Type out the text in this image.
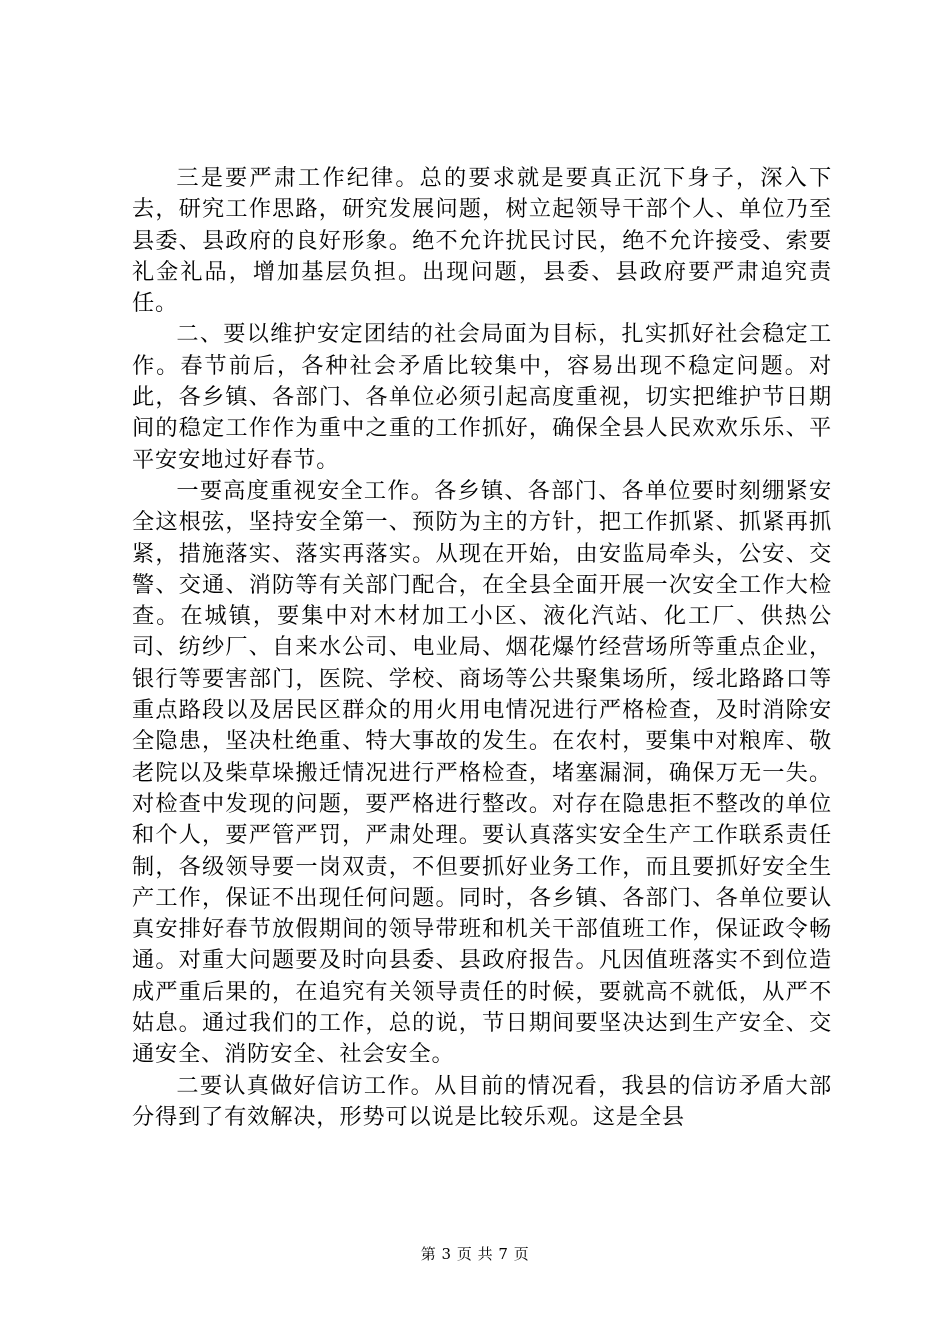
三是要严肃工作纪律。总的要求就是要真正沉下身子，深入下去，研究工作思路，研究发展问题，树立起领导干部个人、单位乃至县委、县政府的良好形象。绝不允许扰民讨民，绝不允许接受、索要礼金礼品，增加基层负担。出现问题，县委、县政府要严肃追究责任。

二、要以维护安定团结的社会局面为目标，扎实抓好社会稳定工作。春节前后，各种社会矛盾比较集中，容易出现不稳定问题。对此，各乡镇、各部门、各单位必须引起高度重视，切实把维护节日期间的稳定工作作为重中之重的工作抓好，确保全县人民欢欢乐乐、平平安安地过好春节。

一要高度重视安全工作。各乡镇、各部门、各单位要时刻绷紧安全这根弦，坚持安全第一、预防为主的方针，把工作抓紧、抓紧再抓紧，措施落实、落实再落实。从现在开始，由安监局牵头，公安、交警、交通、消防等有关部门配合，在全县全面开展一次安全工作大检查。在城镇，要集中对木材加工小区、液化汽站、化工厂、供热公司、纺纱厂、自来水公司、电业局、烟花爆竹经营场所等重点企业，银行等要害部门，医院、学校、商场等公共聚集场所，绥北路路口等重点路段以及居民区群众的用火用电情况进行严格检查，及时消除安全隐患，坚决杜绝重、特大事故的发生。在农村，要集中对粮库、敬老院以及柴草垛搬迁情况进行严格检查，堵塞漏洞，确保万无一失。对检查中发现的问题，要严格进行整改。对存在隐患拒不整改的单位和个人，要严管严罚，严肃处理。要认真落实安全生产工作联系责任制，各级领导要一岗双责，不但要抓好业务工作，而且要抓好安全生产工作，保证不出现任何问题。同时，各乡镇、各部门、各单位要认真安排好春节放假期间的领导带班和机关干部值班工作，保证政令畅通。对重大问题要及时向县委、县政府报告。凡因值班落实不到位造成严重后果的，在追究有关领导责任的时候，要就高不就低，从严不姑息。通过我们的工作，总的说，节日期间要坚决达到生产安全、交通安全、消防安全、社会安全。

二要认真做好信访工作。从目前的情况看，我县的信访矛盾大部分得到了有效解决，形势可以说是比较乐观。这是全县

第 3 页 共 7 页
